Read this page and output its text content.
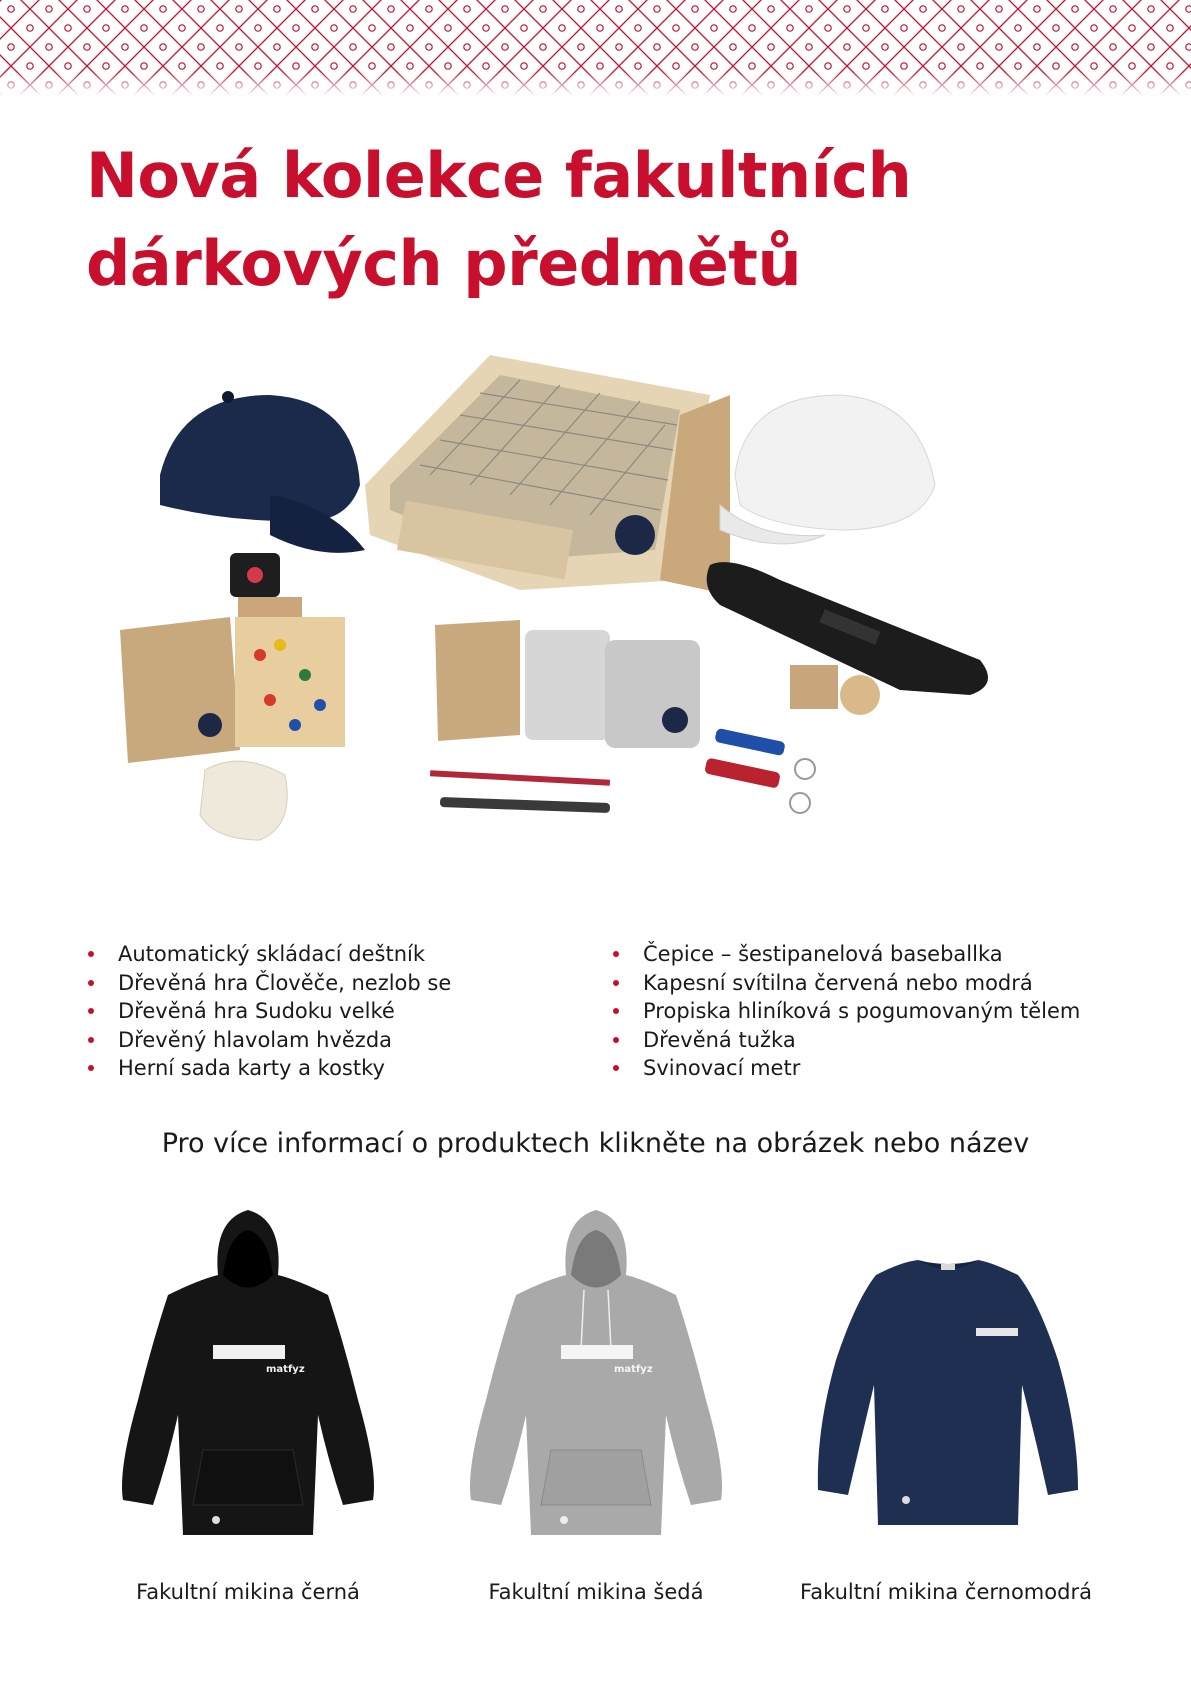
Nová kolekce fakultních
dárkových předmětů
Automatický skládací deštník
Dřevěná hra Člověče, nezlob se
Dřevěná hra Sudoku velké
Dřevěný hlavolam hvězda
Herní sada karty a kostky
Čepice – šestipanelová baseballka
Kapesní svítilna červená nebo modrá
Propiska hliníková s pogumovaným tělem
Dřevěná tužka
Svinovací metr
Pro více informací o produktech klikněte na obrázek nebo název
matfyz
Fakultní mikina černá
matfyz
Fakultní mikina šedá	Fakultní mikina černomodrá
